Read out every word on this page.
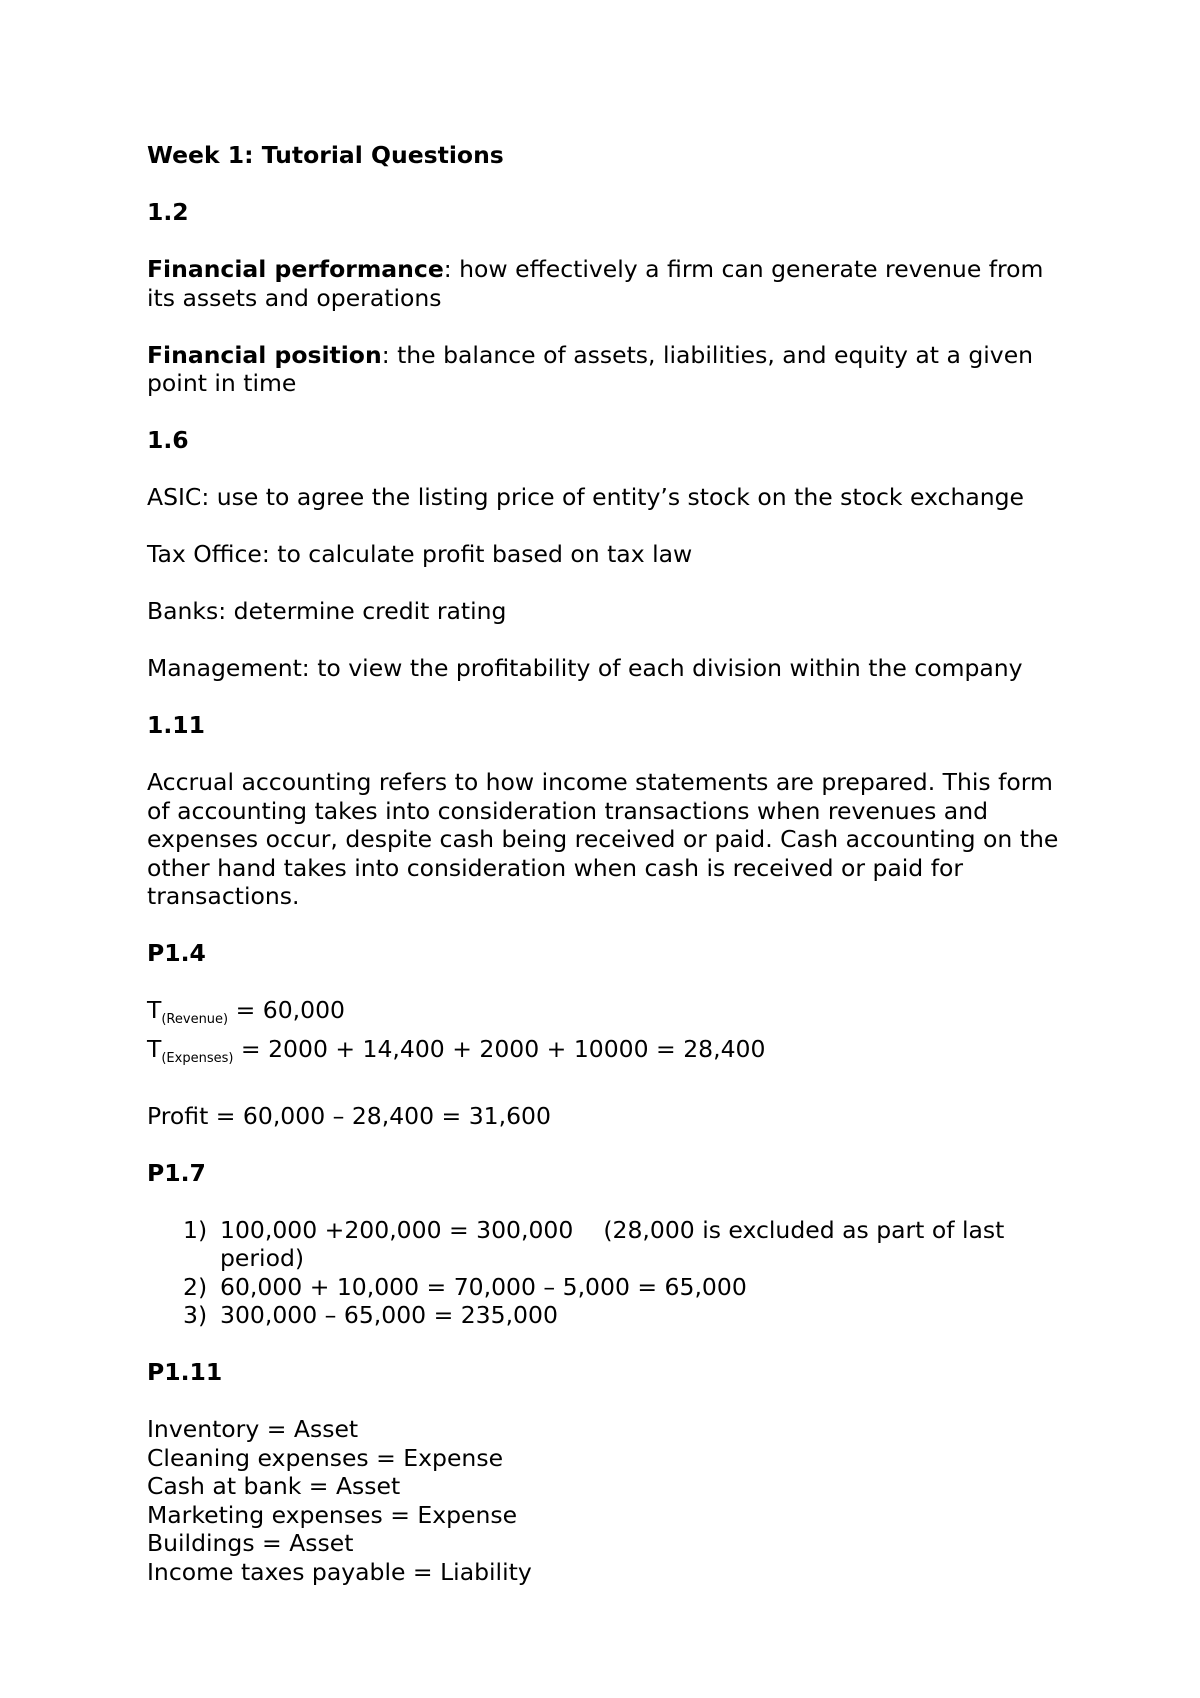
Week 1: Tutorial Questions

1.2

Financial performance: how effectively a firm can generate revenue from its assets and operations

Financial position: the balance of assets, liabilities, and equity at a given point in time

1.6

ASIC: use to agree the listing price of entity’s stock on the stock exchange

Tax Office: to calculate profit based on tax law

Banks: determine credit rating

Management: to view the profitability of each division within the company

1.11

Accrual accounting refers to how income statements are prepared. This form of accounting takes into consideration transactions when revenues and expenses occur, despite cash being received or paid. Cash accounting on the other hand takes into consideration when cash is received or paid for transactions.

P1.4

$T_{(Revenue)} = 60,000$

$T_{(Expenses)} = 2000 + 14,400 + 2000 + 10000 = 28,400$

Profit = 60,000 – 28,400 = 31,600

P1.7

1) 100,000 +200,000 = 300,000 (28,000 is excluded as part of last period)
2) 60,000 + 10,000 = 70,000 – 5,000 = 65,000
3) 300,000 – 65,000 = 235,000

P1.11

Inventory = Asset

Cleaning expenses = Expense

Cash at bank = Asset

Marketing expenses = Expense

Buildings = Asset

Income taxes payable = Liability
